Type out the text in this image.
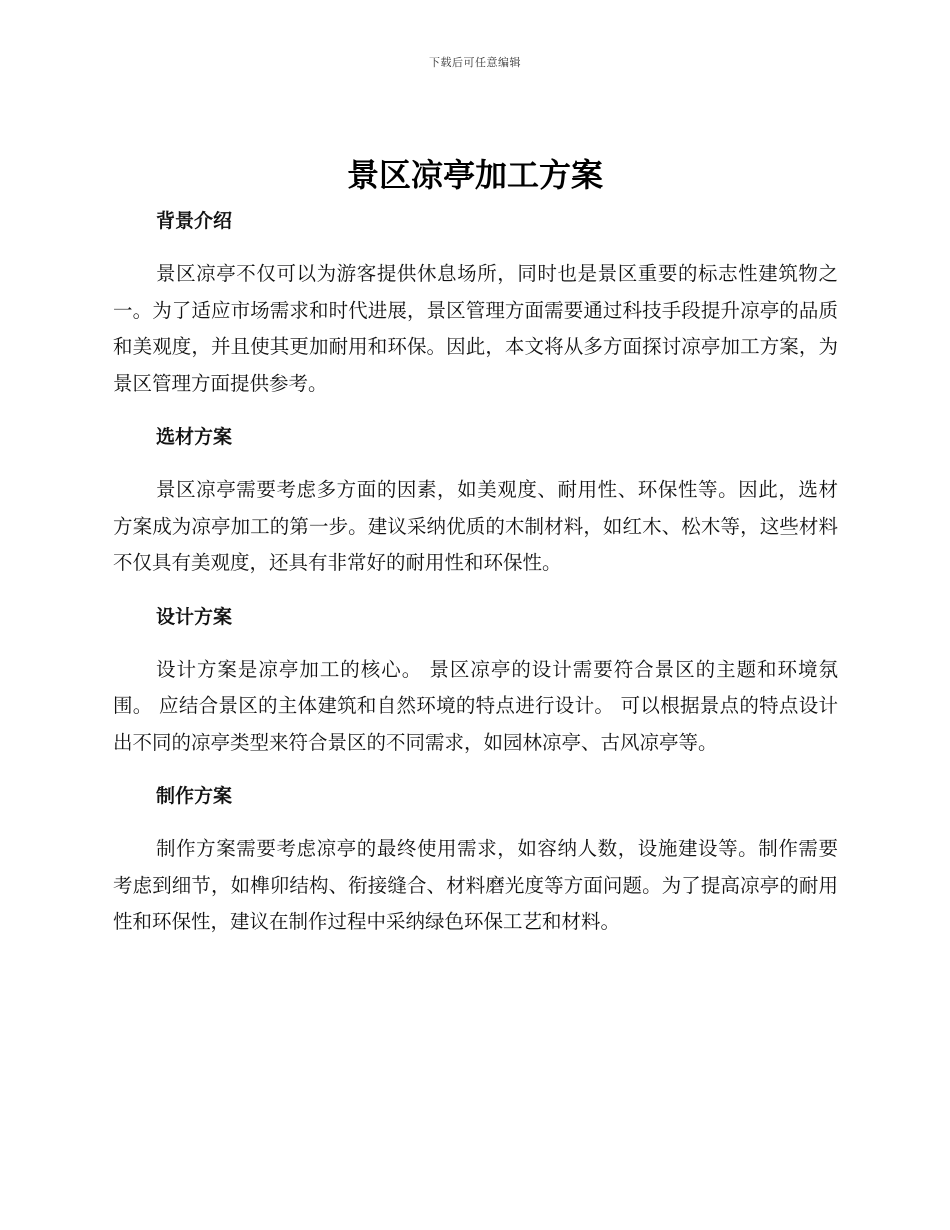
下载后可任意编辑
景区凉亭加工方案
背景介绍

景区凉亭不仅可以为游客提供休息场所，同时也是景区重要的标志性建筑物之一。为了适应市场需求和时代进展，景区管理方面需要通过科技手段提升凉亭的品质和美观度，并且使其更加耐用和环保。因此，本文将从多方面探讨凉亭加工方案，为景区管理方面提供参考。

选材方案

景区凉亭需要考虑多方面的因素，如美观度、耐用性、环保性等。因此，选材方案成为凉亭加工的第一步。建议采纳优质的木制材料，如红木、松木等，这些材料不仅具有美观度，还具有非常好的耐用性和环保性。

设计方案

设计方案是凉亭加工的核心。 景区凉亭的设计需要符合景区的主题和环境氛围。 应结合景区的主体建筑和自然环境的特点进行设计。 可以根据景点的特点设计出不同的凉亭类型来符合景区的不同需求，如园林凉亭、古风凉亭等。

制作方案

制作方案需要考虑凉亭的最终使用需求，如容纳人数，设施建设等。制作需要考虑到细节，如榫卯结构、衔接缝合、材料磨光度等方面问题。为了提高凉亭的耐用性和环保性，建议在制作过程中采纳绿色环保工艺和材料。
